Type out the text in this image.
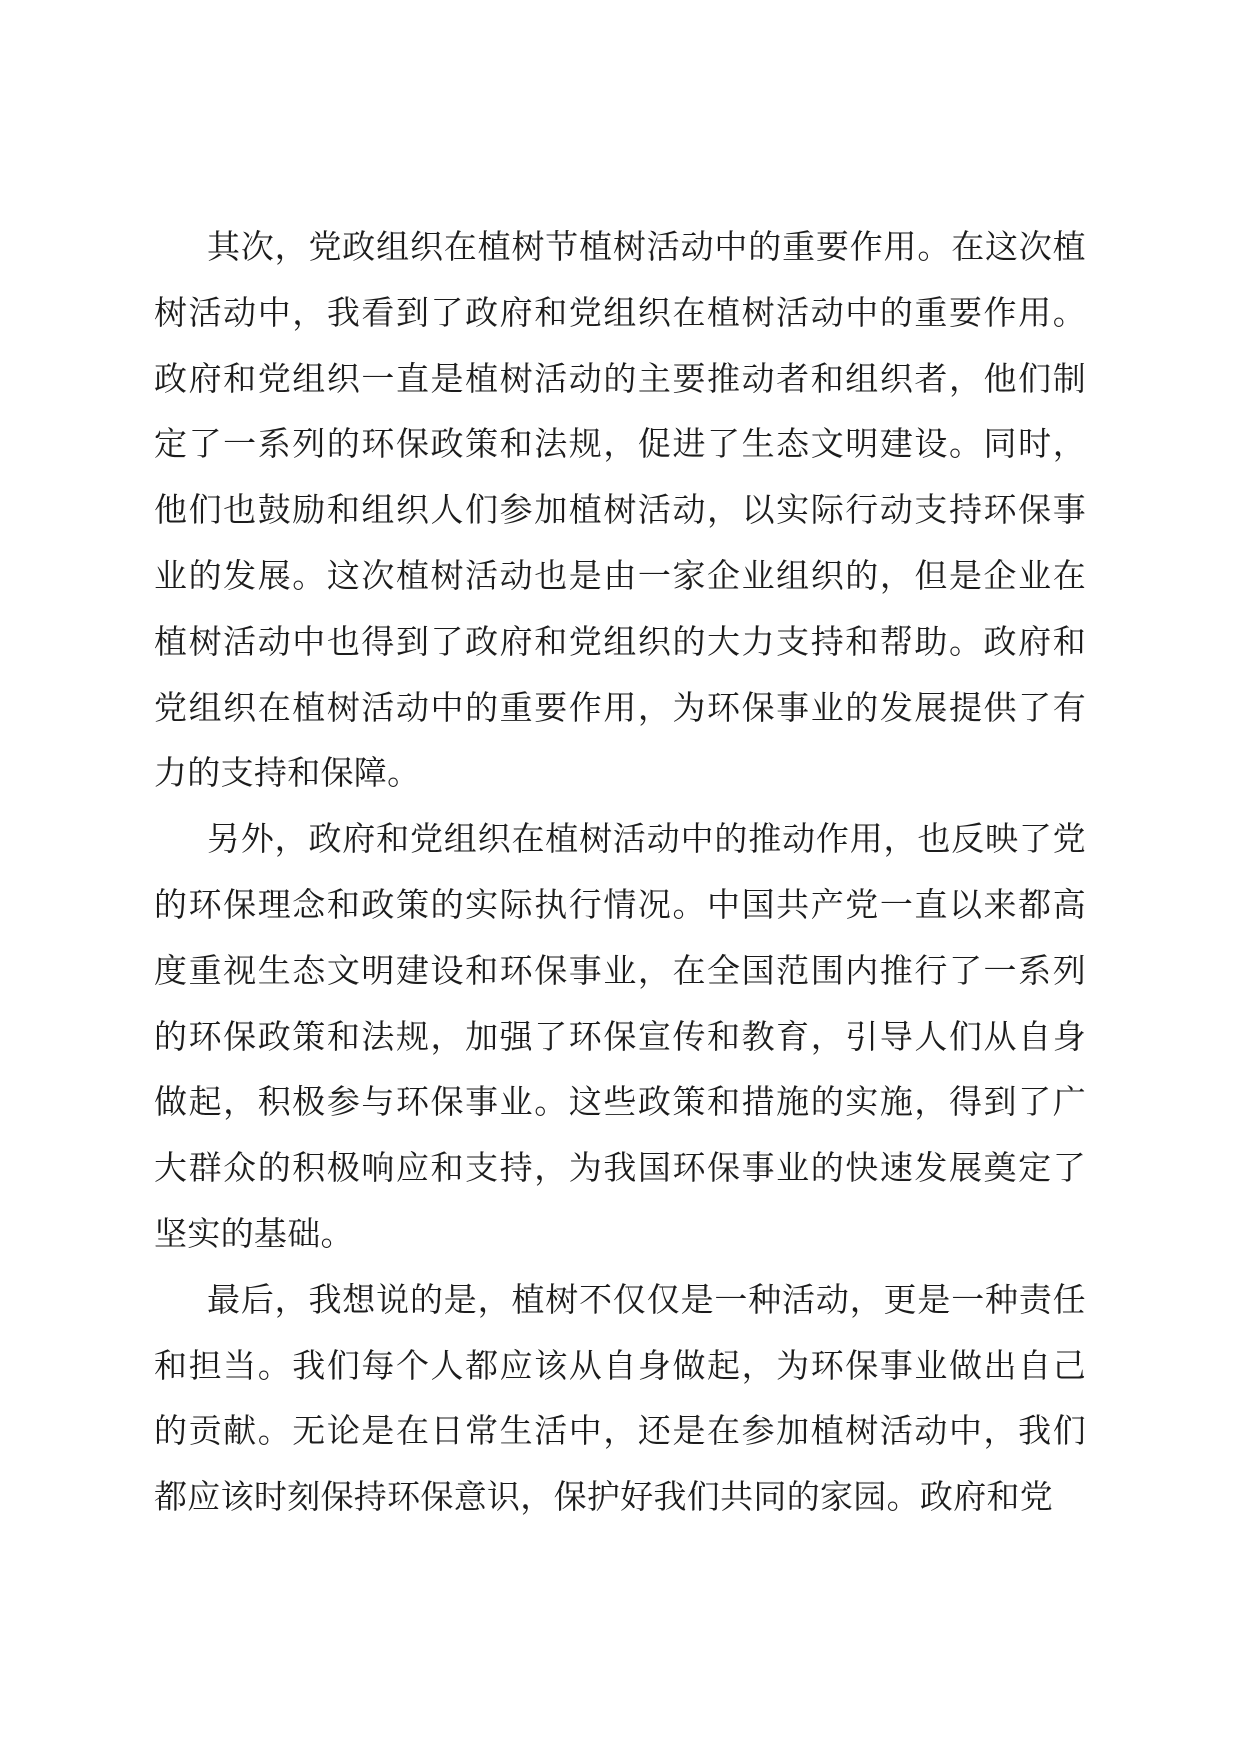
其次，党政组织在植树节植树活动中的重要作用。在这次植树活动中，我看到了政府和党组织在植树活动中的重要作用。政府和党组织一直是植树活动的主要推动者和组织者，他们制定了一系列的环保政策和法规，促进了生态文明建设。同时，他们也鼓励和组织人们参加植树活动，以实际行动支持环保事业的发展。这次植树活动也是由一家企业组织的，但是企业在植树活动中也得到了政府和党组织的大力支持和帮助。政府和党组织在植树活动中的重要作用，为环保事业的发展提供了有力的支持和保障。

另外，政府和党组织在植树活动中的推动作用，也反映了党的环保理念和政策的实际执行情况。中国共产党一直以来都高度重视生态文明建设和环保事业，在全国范围内推行了一系列的环保政策和法规，加强了环保宣传和教育，引导人们从自身做起，积极参与环保事业。这些政策和措施的实施，得到了广大群众的积极响应和支持，为我国环保事业的快速发展奠定了坚实的基础。

最后，我想说的是，植树不仅仅是一种活动，更是一种责任和担当。我们每个人都应该从自身做起，为环保事业做出自己的贡献。无论是在日常生活中，还是在参加植树活动中，我们都应该时刻保持环保意识，保护好我们共同的家园。政府和党
